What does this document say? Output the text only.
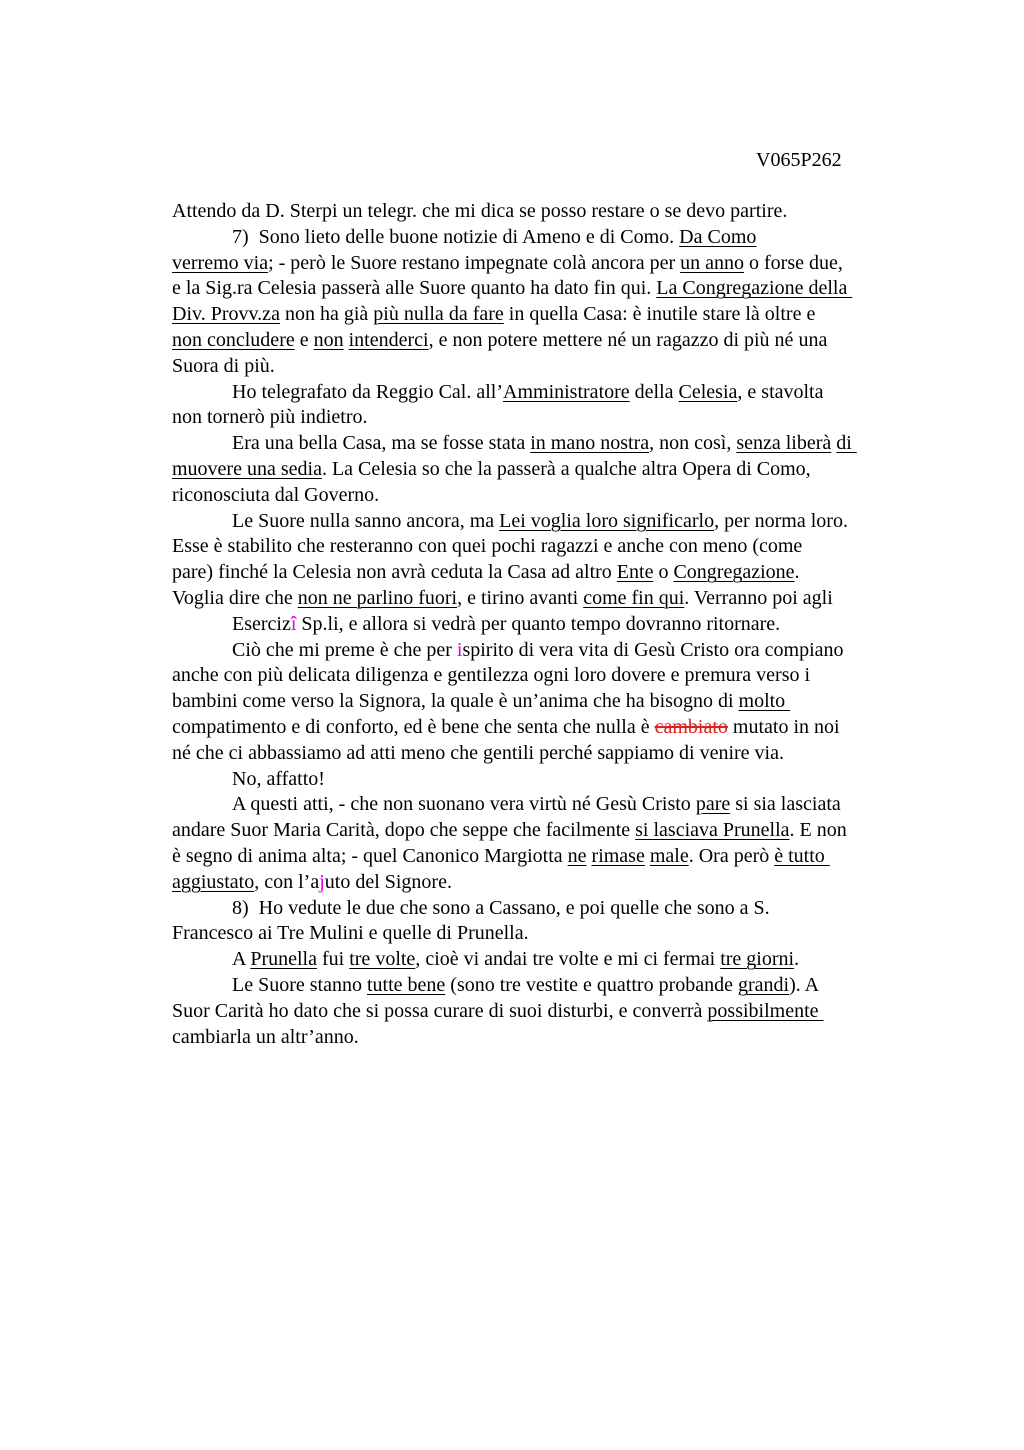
V065P262
Attendo da D. Sterpi un telegr. che mi dica se posso restare o se devo partire.
7)  Sono lieto delle buone notizie di Ameno e di Como. Da Como
verremo via; - però le Suore restano impegnate colà ancora per un anno o forse due,
e la Sig.ra Celesia passerà alle Suore quanto ha dato fin qui. La Congregazione della
Div. Provv.za non ha già più nulla da fare in quella Casa: è inutile stare là oltre e
non concludere e non intenderci, e non potere mettere né un ragazzo di più né una
Suora di più.
Ho telegrafato da Reggio Cal. all’Amministratore della Celesia, e stavolta
non tornerò più indietro.
Era una bella Casa, ma se fosse stata in mano nostra, non così, senza liberà di
muovere una sedia. La Celesia so che la passerà a qualche altra Opera di Como,
riconosciuta dal Governo.
Le Suore nulla sanno ancora, ma Lei voglia loro significarlo, per norma loro.
Esse è stabilito che resteranno con quei pochi ragazzi e anche con meno (come
pare) finché la Celesia non avrà ceduta la Casa ad altro Ente o Congregazione.
Voglia dire che non ne parlino fuori, e tirino avanti come fin qui. Verranno poi agli
Esercizî Sp.li, e allora si vedrà per quanto tempo dovranno ritornare.
Ciò che mi preme è che per ispirito di vera vita di Gesù Cristo ora compiano
anche con più delicata diligenza e gentilezza ogni loro dovere e premura verso i
bambini come verso la Signora, la quale è un’anima che ha bisogno di molto
compatimento e di conforto, ed è bene che senta che nulla è cambiato mutato in noi
né che ci abbassiamo ad atti meno che gentili perché sappiamo di venire via.
No, affatto!
A questi atti, - che non suonano vera virtù né Gesù Cristo pare si sia lasciata
andare Suor Maria Carità, dopo che seppe che facilmente si lasciava Prunella. E non
è segno di anima alta; - quel Canonico Margiotta ne rimase male. Ora però è tutto
aggiustato, con l’ajuto del Signore.
8)  Ho vedute le due che sono a Cassano, e poi quelle che sono a S.
Francesco ai Tre Mulini e quelle di Prunella.
A Prunella fui tre volte, cioè vi andai tre volte e mi ci fermai tre giorni.
Le Suore stanno tutte bene (sono tre vestite e quattro probande grandi). A
Suor Carità ho dato che si possa curare di suoi disturbi, e converrà possibilmente
cambiarla un altr’anno.
